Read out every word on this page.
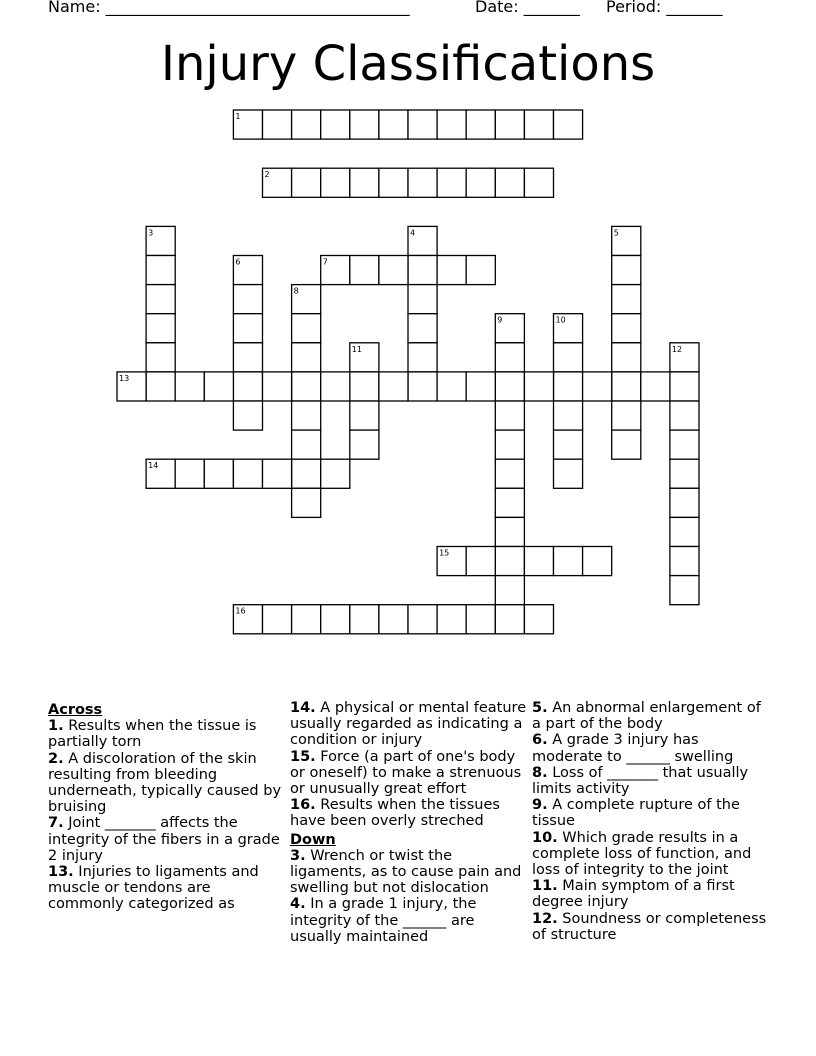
Name: ______________________________________	Date: _______ Period: _______
Injury Classifications
1
2
3	4	5
6	7
8
9	10
11	12
13
14
15
16

Across

1. Results when the tissue is partially torn

2. A discoloration of the skin resulting from bleeding underneath, typically caused by bruising

7. Joint _______ affects the integrity of the fibers in a grade 2 injury

13. Injuries to ligaments and muscle or tendons are commonly categorized as

14. A physical or mental feature usually regarded as indicating a condition or injury

15. Force (a part of one's body or oneself) to make a strenuous or unusually great effort

16. Results when the tissues have been overly streched

Down

3. Wrench or twist the ligaments, as to cause pain and swelling but not dislocation

4. In a grade 1 injury, the integrity of the ______ are usually maintained

5. An abnormal enlargement of a part of the body

6. A grade 3 injury has moderate to ______ swelling

8. Loss of _______ that usually limits activity

9. A complete rupture of the tissue

10. Which grade results in a complete loss of function, and loss of integrity to the joint

11. Main symptom of a first degree injury

12. Soundness or completeness of structure
